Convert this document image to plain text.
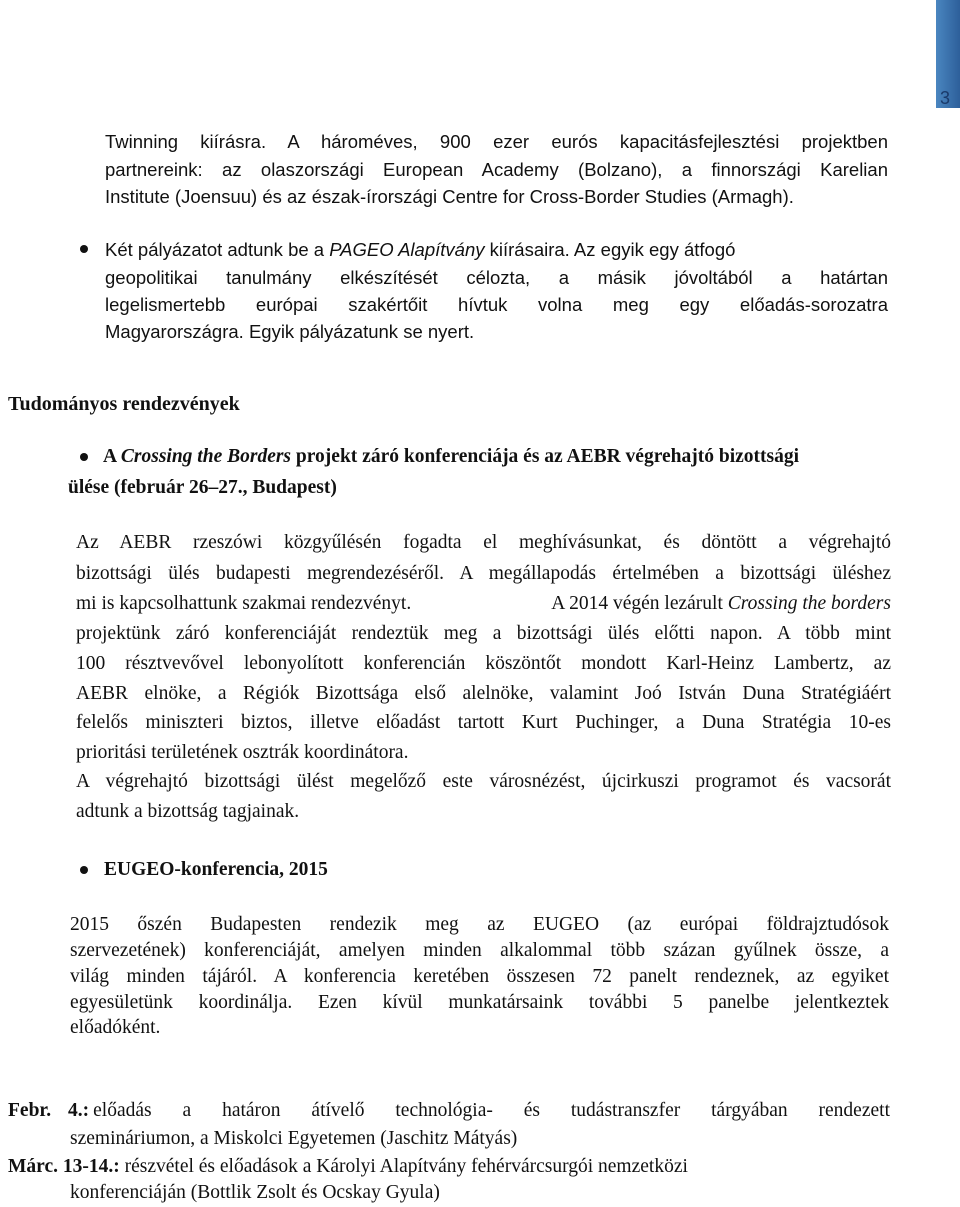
3
Twinning kiírásra. A hároméves, 900 ezer eurós kapacitásfejlesztési projektben
partnereink: az olaszországi European Academy (Bolzano), a finnországi Karelian
Institute (Joensuu) és az észak-írországi Centre for Cross-Border Studies (Armagh).
Két pályázatot adtunk be a PAGEO Alapítvány kiírásaira. Az egyik egy átfogó
geopolitikai tanulmány elkészítését célozta, a másik jóvoltából a határtan
legelismertebb európai szakértőit hívtuk volna meg egy előadás-sorozatra
Magyarországra. Egyik pályázatunk se nyert.
Tudományos rendezvények
A Crossing the Borders projekt záró konferenciája és az AEBR végrehajtó bizottsági
ülése (február 26–27., Budapest)
Az AEBR rzeszówi közgyűlésén fogadta el meghívásunkat, és döntött a végrehajtó
bizottsági ülés budapesti megrendezéséről. A megállapodás értelmében a bizottsági üléshez
mi is kapcsolhattunk szakmai rendezvényt.	A 2014 végén lezárult Crossing the borders
projektünk záró konferenciáját rendeztük meg a bizottsági ülés előtti napon. A több mint
100 résztvevővel lebonyolított konferencián köszöntőt mondott Karl-Heinz Lambertz, az
AEBR elnöke, a Régiók Bizottsága első alelnöke, valamint Joó István Duna Stratégiáért
felelős miniszteri biztos, illetve előadást tartott Kurt Puchinger, a Duna Stratégia 10-es
prioritási területének osztrák koordinátora.
A végrehajtó bizottsági ülést megelőző este városnézést, újcirkuszi programot és vacsorát
adtunk a bizottság tagjainak.
EUGEO-konferencia, 2015
2015 őszén Budapesten rendezik meg az EUGEO (az európai földrajztudósok
szervezetének) konferenciáját, amelyen minden alkalommal több százan gyűlnek össze, a
világ minden tájáról. A konferencia keretében összesen 72 panelt rendeznek, az egyiket
egyesületünk koordinálja. Ezen kívül munkatársaink további 5 panelbe jelentkeztek
előadóként.
Febr. 4.: előadás a határon átívelő technológia- és tudástranszfer tárgyában rendezett
szemináriumon, a Miskolci Egyetemen (Jaschitz Mátyás)
Márc. 13-14.: részvétel és előadások a Károlyi Alapítvány fehérvárcsurgói nemzetközi
konferenciáján (Bottlik Zsolt és Ocskay Gyula)
